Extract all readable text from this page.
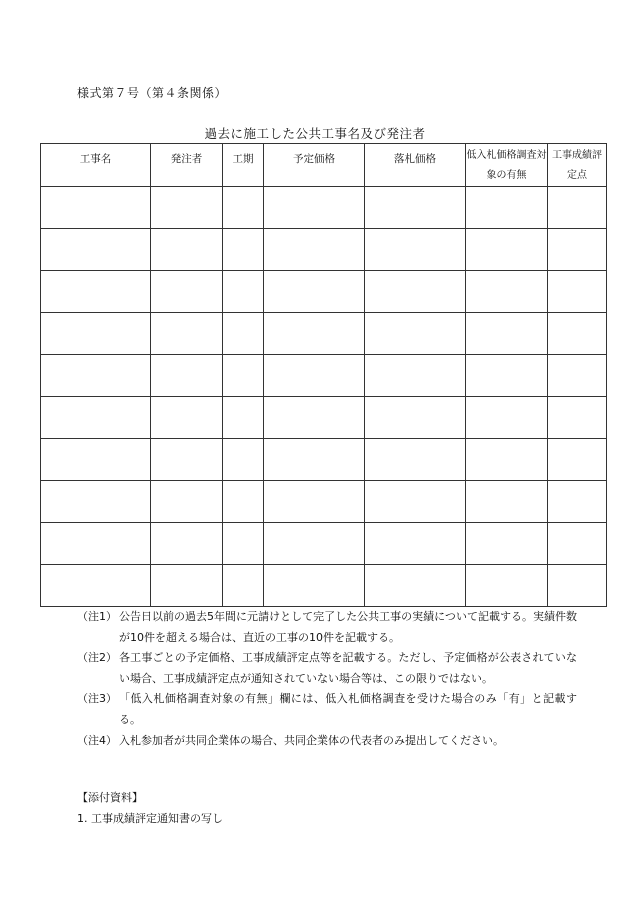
様式第７号（第４条関係）
過去に施工した公共工事名及び発注者
工事名	発注者	工期	予定価格	落札価格	低入札価格調査対象の有無	工事成績評定点

（注1） 公告日以前の過去5年間に元請けとして完了した公共工事の実績について記載する。実績件数が10件を超える場合は、直近の工事の10件を記載する。
（注2） 各工事ごとの予定価格、工事成績評定点等を記載する。ただし、予定価格が公表されていない場合、工事成績評定点が通知されていない場合等は、この限りではない。
（注3） 「低入札価格調査対象の有無」欄には、低入札価格調査を受けた場合のみ「有」と記載する。
（注4） 入札参加者が共同企業体の場合、共同企業体の代表者のみ提出してください。
【添付資料】
1. 工事成績評定通知書の写し
